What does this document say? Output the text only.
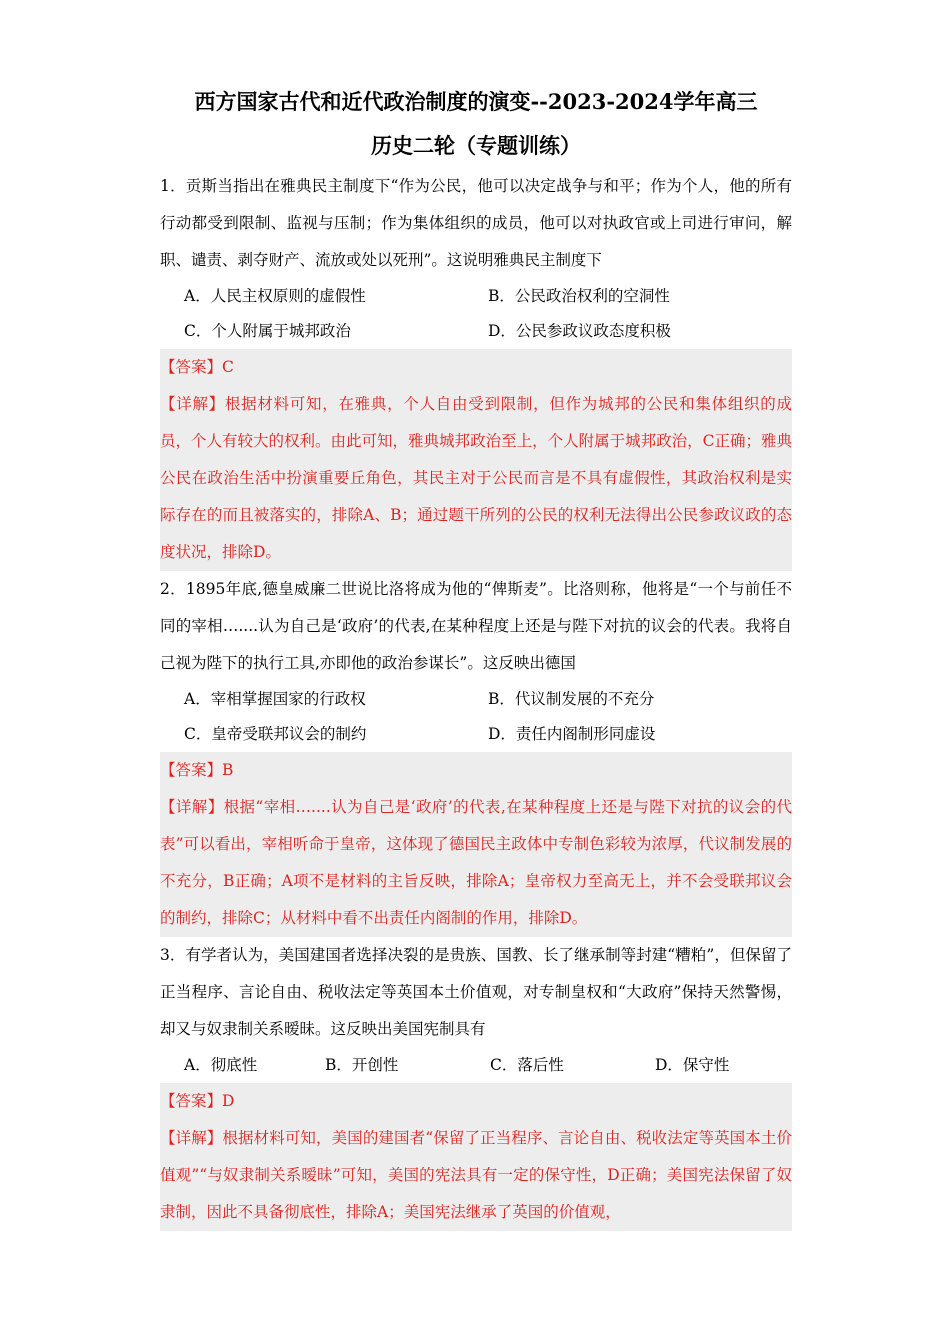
西方国家古代和近代政治制度的演变--2023-2024学年高三
历史二轮（专题训练）

1．贡斯当指出在雅典民主制度下“作为公民，他可以决定战争与和平；作为个人，他的所有行动都受到限制、监视与压制；作为集体组织的成员，他可以对执政官或上司进行审问，解职、谴责、剥夺财产、流放或处以死刑”。这说明雅典民主制度下

A．人民主权原则的虚假性	B．公民政治权利的空洞性
C．个人附属于城邦政治	D．公民参政议政态度积极

【答案】C

【详解】根据材料可知，在雅典，个人自由受到限制，但作为城邦的公民和集体组织的成员，个人有较大的权利。由此可知，雅典城邦政治至上，个人附属于城邦政治，C正确；雅典公民在政治生活中扮演重要丘角色，其民主对于公民而言是不具有虚假性，其政治权利是实际存在的而且被落实的，排除A、B；通过题干所列的公民的权利无法得出公民参政议政的态度状况，排除D。

2．1895年底,德皇威廉二世说比洛将成为他的“俾斯麦”。比洛则称，他将是“一个与前任不同的宰相…....认为自己是‘政府’的代表,在某种程度上还是与陛下对抗的议会的代表。我将自己视为陛下的执行工具,亦即他的政治参谋长”。这反映出德国

A．宰相掌握国家的行政权	B．代议制发展的不充分
C．皇帝受联邦议会的制约	D．责任内阁制形同虚设

【答案】B

【详解】根据“宰相…....认为自己是‘政府’的代表,在某种程度上还是与陛下对抗的议会的代表”可以看出，宰相听命于皇帝，这体现了德国民主政体中专制色彩较为浓厚，代议制发展的不充分，B正确；A项不是材料的主旨反映，排除A；皇帝权力至高无上，并不会受联邦议会的制约，排除C；从材料中看不出责任内阁制的作用，排除D。

3．有学者认为，美国建国者选择决裂的是贵族、国教、长了继承制等封建“糟粕”，但保留了正当程序、言论自由、税收法定等英国本土价值观，对专制皇权和“大政府”保持天然警惕，却又与奴隶制关系暧昧。这反映出美国宪制具有

A．彻底性	B．开创性	C．落后性	D．保守性

【答案】D

【详解】根据材料可知，美国的建国者“保留了正当程序、言论自由、税收法定等英国本土价值观”“与奴隶制关系暧昧”可知，美国的宪法具有一定的保守性，D正确；美国宪法保留了奴隶制，因此不具备彻底性，排除A；美国宪法继承了英国的价值观，
